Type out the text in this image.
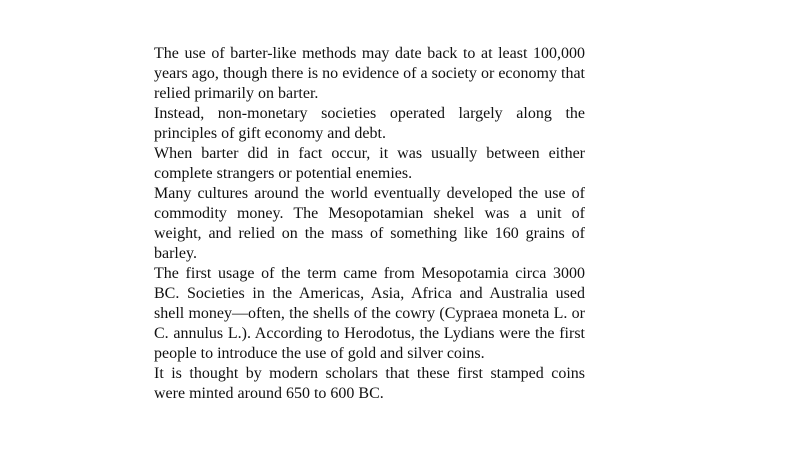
The use of barter-like methods may date back to at least 100,000 years ago, though there is no evidence of a society or economy that relied primarily on barter.

Instead, non-monetary societies operated largely along the principles of gift economy and debt.

When barter did in fact occur, it was usually between either complete strangers or potential enemies.

Many cultures around the world eventually developed the use of commodity money. The Mesopotamian shekel was a unit of weight, and relied on the mass of something like 160 grains of barley.

The first usage of the term came from Mesopotamia circa 3000 BC. Societies in the Americas, Asia, Africa and Australia used shell money—often, the shells of the cowry (Cypraea moneta L. or C. annulus L.). According to Herodotus, the Lydians were the first people to introduce the use of gold and silver coins.

It is thought by modern scholars that these first stamped coins were minted around 650 to 600 BC.
